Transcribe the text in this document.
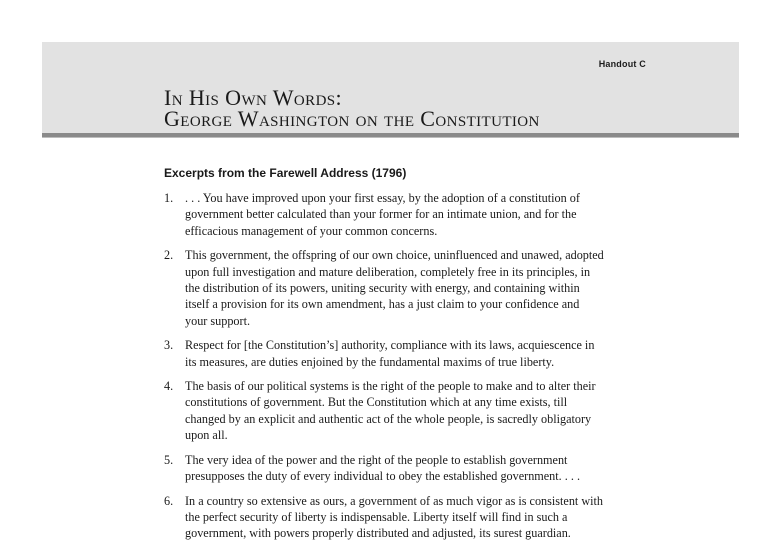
Handout C
In His Own Words:
George Washington on the Constitution
Excerpts from the Farewell Address (1796)
1. . . . You have improved upon your first essay, by the adoption of a constitution of government better calculated than your former for an intimate union, and for the efficacious management of your common concerns.
2. This government, the offspring of our own choice, uninfluenced and unawed, adopted upon full investigation and mature deliberation, completely free in its principles, in the distribution of its powers, uniting security with energy, and containing within itself a provision for its own amendment, has a just claim to your confidence and your support.
3. Respect for [the Constitution’s] authority, compliance with its laws, acquiescence in its measures, are duties enjoined by the fundamental maxims of true liberty.
4. The basis of our political systems is the right of the people to make and to alter their constitutions of government. But the Constitution which at any time exists, till changed by an explicit and authentic act of the whole people, is sacredly obligatory upon all.
5. The very idea of the power and the right of the people to establish government presupposes the duty of every individual to obey the established government. . . .
6. In a country so extensive as ours, a government of as much vigor as is consistent with the perfect security of liberty is indispensable. Liberty itself will find in such a government, with powers properly distributed and adjusted, its surest guardian.
